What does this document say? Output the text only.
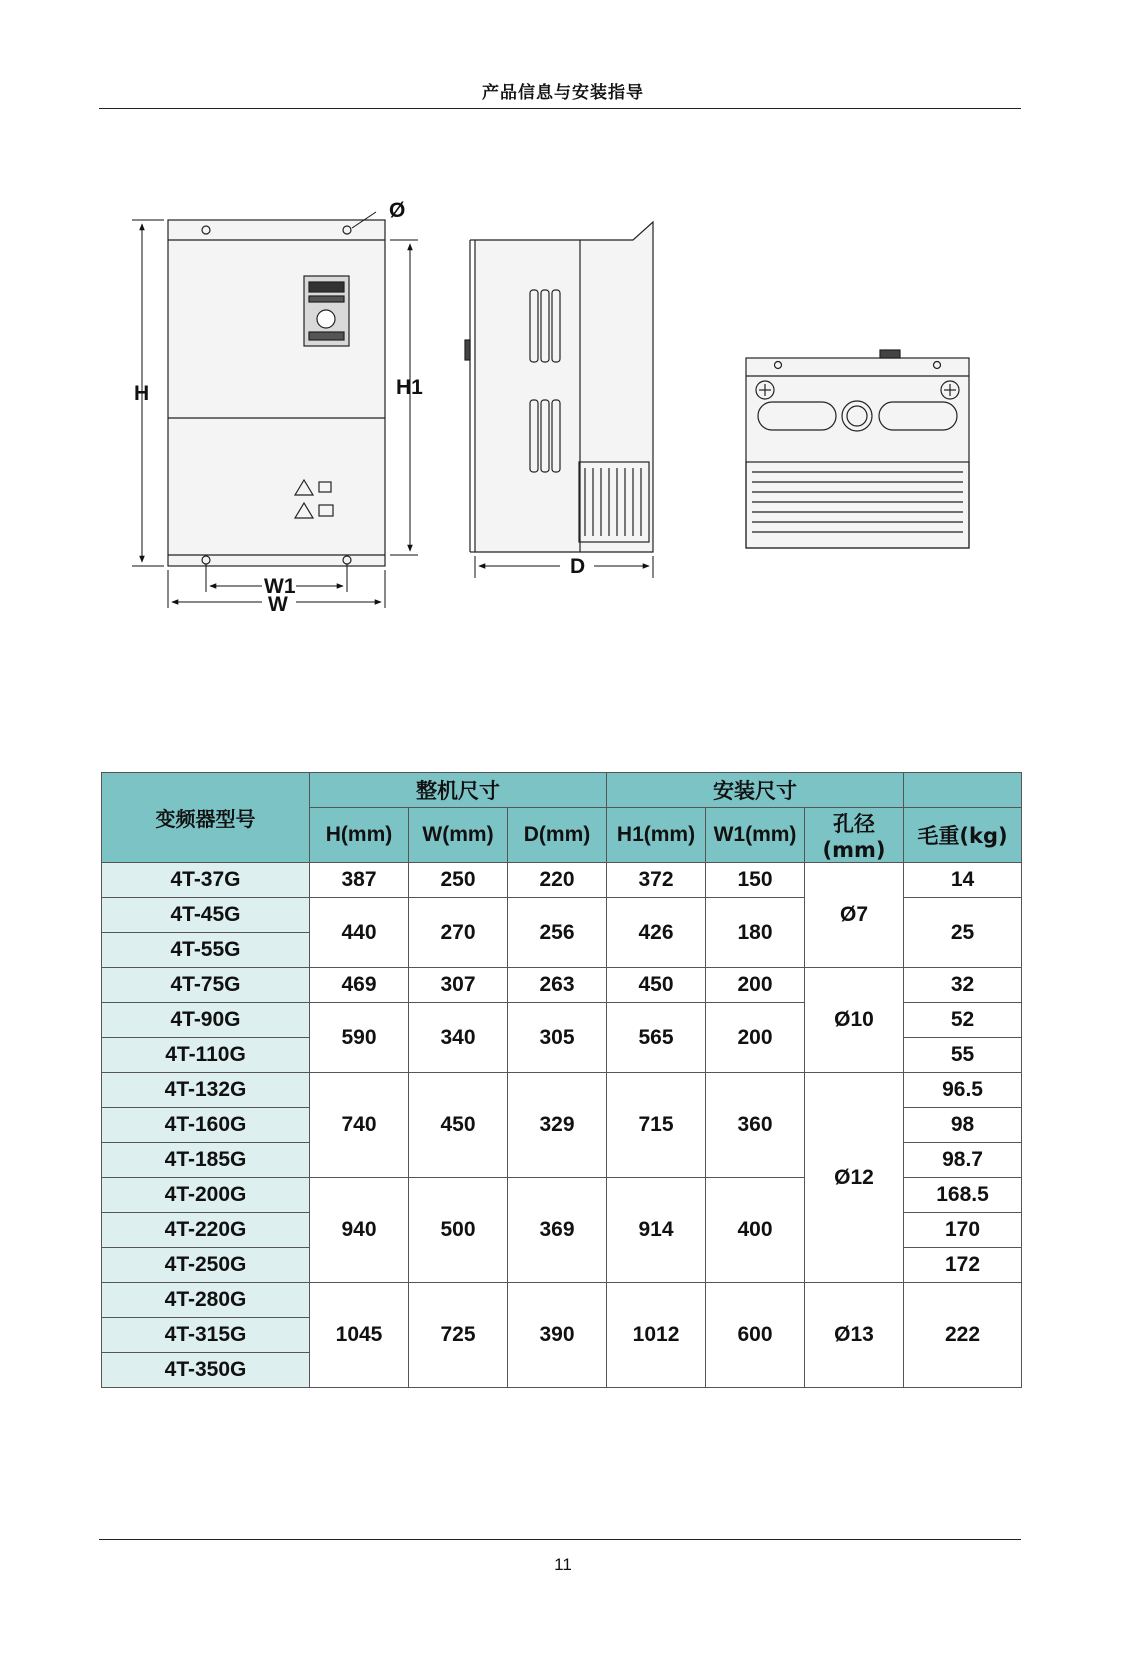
产品信息与安装指导
H	H1
W1
W
Ø
D
变频器型号	整机尺寸			安装尺寸			
	H(mm)	W(mm)	D(mm)	H1(mm)	W1(mm)	孔径(mm)	毛重(kg)
4T-37G	387	250	220	372	150	Ø7	14
4T-45G	440	270	256	426	180		25
4T-55G							
4T-75G	469	307	263	450	200	Ø10	32
4T-90G	590	340	305	565	200		52
4T-110G							55
4T-132G	740	450	329	715	360	Ø12	96.5
4T-160G							98
4T-185G							98.7
4T-200G	940	500	369	914	400		168.5
4T-220G							170
4T-250G							172
4T-280G	1045	725	390	1012	600	Ø13	222
4T-315G							
4T-350G							
11
